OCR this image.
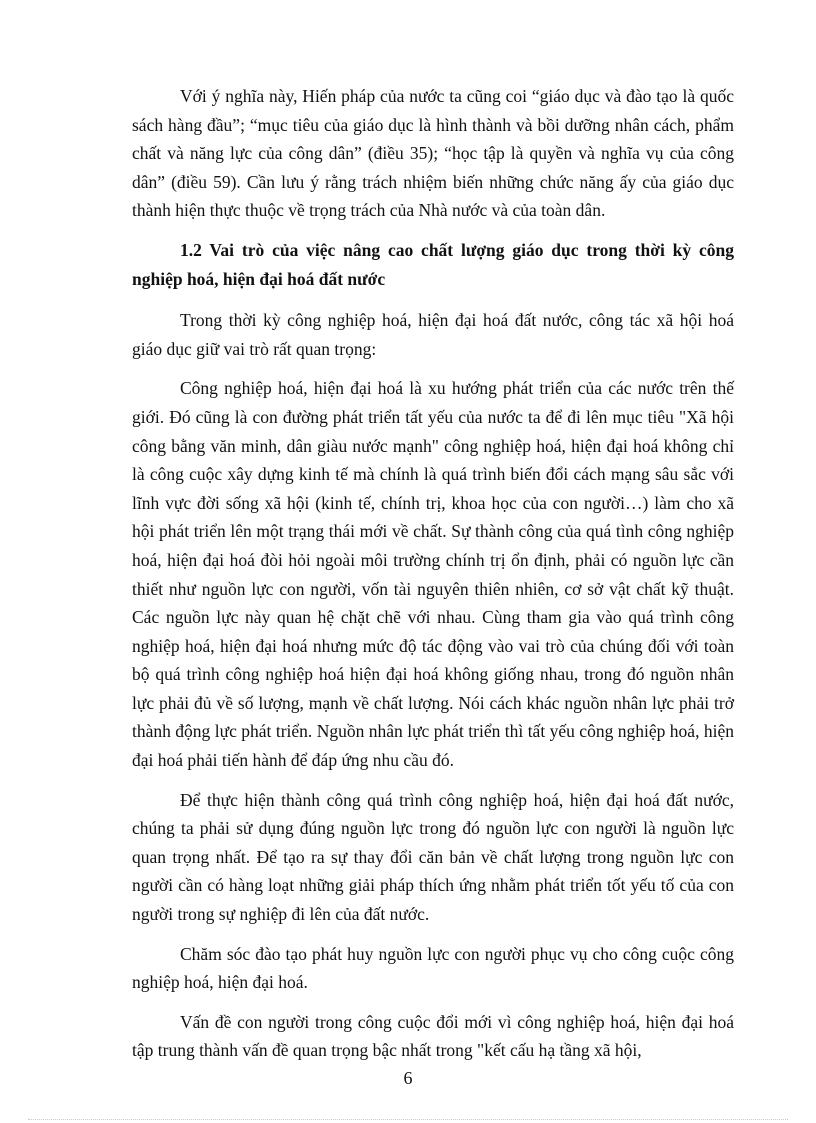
Với ý nghĩa này, Hiến pháp của nước ta cũng coi “giáo dục và đào tạo là quốc sách hàng đầu”; “mục tiêu của giáo dục là hình thành và bồi dưỡng nhân cách, phẩm chất và năng lực của công dân” (điều 35); “học tập là quyền và nghĩa vụ của công dân” (điều 59). Cần lưu ý rằng trách nhiệm biến những chức năng ấy của giáo dục thành hiện thực thuộc về trọng trách của Nhà nước và của toàn dân.

1.2 Vai trò của việc nâng cao chất lượng giáo dục trong thời kỳ công nghiệp hoá, hiện đại hoá đất nước

Trong thời kỳ công nghiệp hoá, hiện đại hoá đất nước, công tác xã hội hoá giáo dục giữ vai trò rất quan trọng:

Công nghiệp hoá, hiện đại hoá là xu hướng phát triển của các nước trên thế giới. Đó cũng là con đường phát triển tất yếu của nước ta để đi lên mục tiêu "Xã hội công bằng văn minh, dân giàu nước mạnh" công nghiệp hoá, hiện đại hoá không chỉ là công cuộc xây dựng kinh tế mà chính là quá trình biến đổi cách mạng sâu sắc với lĩnh vực đời sống xã hội (kinh tế, chính trị, khoa học của con người…) làm cho xã hội phát triển lên một trạng thái mới về chất. Sự thành công của quá tình công nghiệp hoá, hiện đại hoá đòi hỏi ngoài môi trường chính trị ổn định, phải có nguồn lực cần thiết như nguồn lực con người, vốn tài nguyên thiên nhiên, cơ sở vật chất kỹ thuật. Các nguồn lực này quan hệ chặt chẽ với nhau. Cùng tham gia vào quá trình công nghiệp hoá, hiện đại hoá nhưng mức độ tác động vào vai trò của chúng đối với toàn bộ quá trình công nghiệp hoá hiện đại hoá không giống nhau, trong đó nguồn nhân lực phải đủ về số lượng, mạnh về chất lượng. Nói cách khác nguồn nhân lực phải trở thành động lực phát triển. Nguồn nhân lực phát triển thì tất yếu công nghiệp hoá, hiện đại hoá phải tiến hành để đáp ứng nhu cầu đó.

Để thực hiện thành công quá trình công nghiệp hoá, hiện đại hoá đất nước, chúng ta phải sử dụng đúng nguồn lực trong đó nguồn lực con người là nguồn lực quan trọng nhất. Để tạo ra sự thay đổi căn bản về chất lượng trong nguồn lực con người cần có hàng loạt những giải pháp thích ứng nhằm phát triển tốt yếu tố của con người trong sự nghiệp đi lên của đất nước.

Chăm sóc đào tạo phát huy nguồn lực con người phục vụ cho công cuộc công nghiệp hoá, hiện đại hoá.

Vấn đề con người trong công cuộc đổi mới vì công nghiệp hoá, hiện đại hoá tập trung thành vấn đề quan trọng bậc nhất trong "kết cấu hạ tầng xã hội,

6
